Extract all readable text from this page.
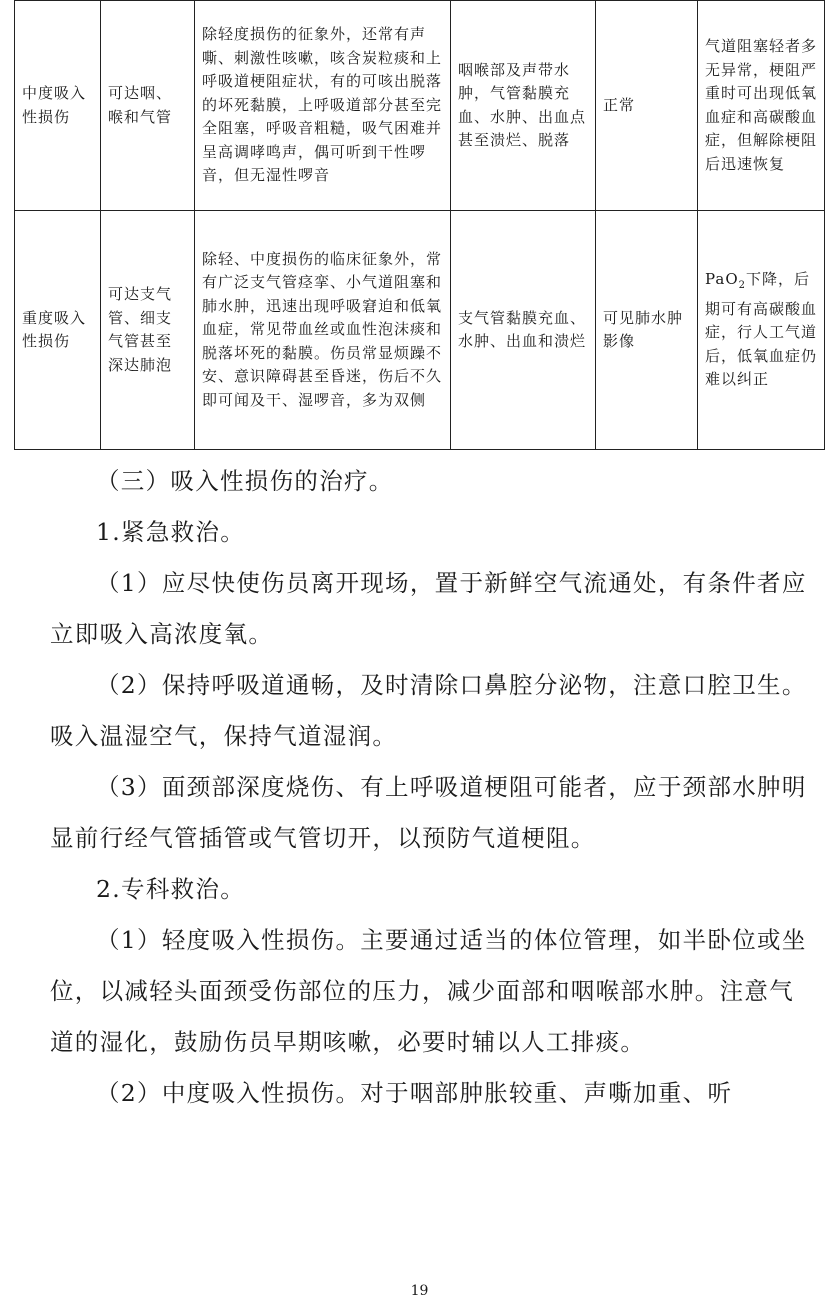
中度吸入性损伤	可达咽、喉和气管	除轻度损伤的征象外，还常有声嘶、刺激性咳嗽，咳含炭粒痰和上呼吸道梗阻症状，有的可咳出脱落的坏死黏膜，上呼吸道部分甚至完全阻塞，呼吸音粗糙，吸气困难并呈高调哮鸣声，偶可听到干性啰音，但无湿性啰音	咽喉部及声带水肿，气管黏膜充血、水肿、出血点甚至溃烂、脱落	正常	气道阻塞轻者多无异常，梗阻严重时可出现低氧血症和高碳酸血症，但解除梗阻后迅速恢复
重度吸入性损伤	可达支气管、细支气管甚至深达肺泡	除轻、中度损伤的临床征象外，常有广泛支气管痉挛、小气道阻塞和肺水肿，迅速出现呼吸窘迫和低氧血症，常见带血丝或血性泡沫痰和脱落坏死的黏膜。伤员常显烦躁不安、意识障碍甚至昏迷，伤后不久即可闻及干、湿啰音，多为双侧	支气管黏膜充血、水肿、出血和溃烂	可见肺水肿影像	PaO$_2$下降，后期可有高碳酸血症，行人工气道后，低氧血症仍难以纠正

（三）吸入性损伤的治疗。

1.紧急救治。

（1）应尽快使伤员离开现场，置于新鲜空气流通处，有条件者应立即吸入高浓度氧。

（2）保持呼吸道通畅，及时清除口鼻腔分泌物，注意口腔卫生。吸入温湿空气，保持气道湿润。

（3）面颈部深度烧伤、有上呼吸道梗阻可能者，应于颈部水肿明显前行经气管插管或气管切开，以预防气道梗阻。

2.专科救治。

（1）轻度吸入性损伤。主要通过适当的体位管理，如半卧位或坐位，以减轻头面颈受伤部位的压力，减少面部和咽喉部水肿。注意气道的湿化，鼓励伤员早期咳嗽，必要时辅以人工排痰。

（2）中度吸入性损伤。对于咽部肿胀较重、声嘶加重、听

19
